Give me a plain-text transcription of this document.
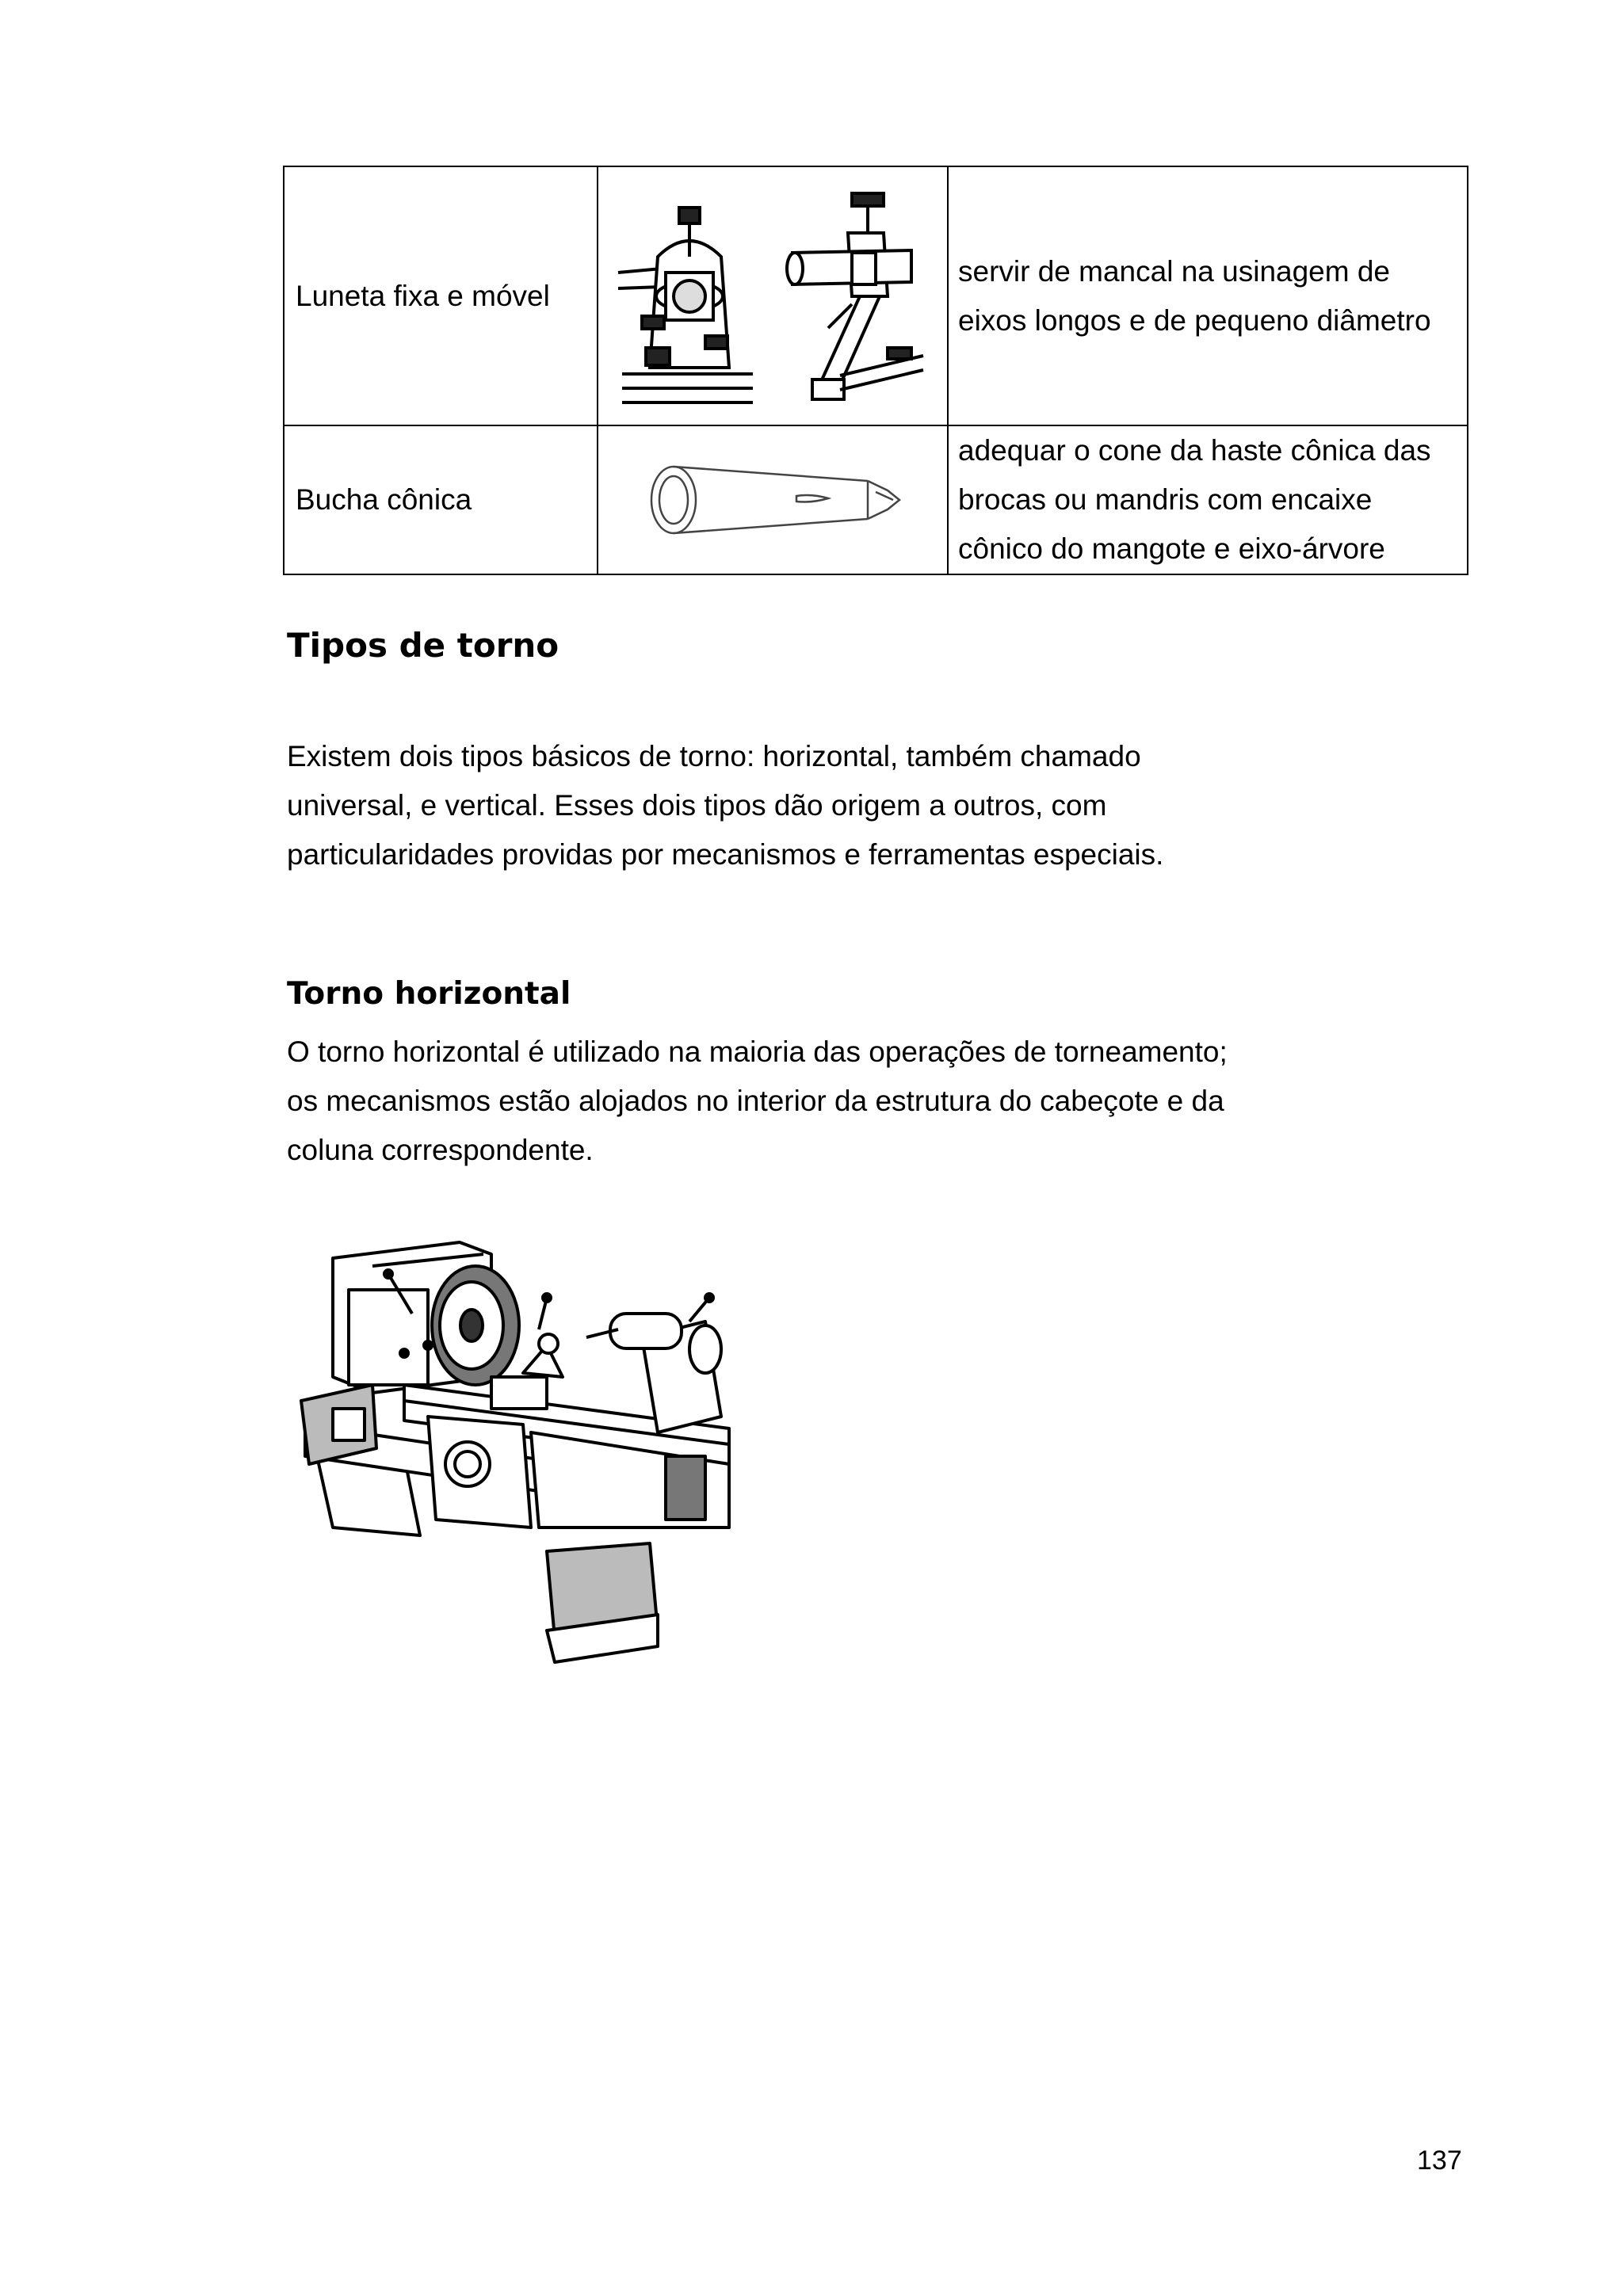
Luneta fixa e móvel		servir de mancal na usinagem de eixos longos e de pequeno diâmetro
Bucha cônica		adequar o cone da haste cônica das brocas ou mandris com encaixe cônico do mangote e eixo-árvore
Tipos de torno

Existem dois tipos básicos de torno: horizontal, também chamado universal, e vertical. Esses dois tipos dão origem a outros, com particularidades providas por mecanismos e ferramentas especiais.

Torno horizontal

O torno horizontal é utilizado na maioria das operações de torneamento; os mecanismos estão alojados no interior da estrutura do cabeçote e da coluna correspondente.

137
